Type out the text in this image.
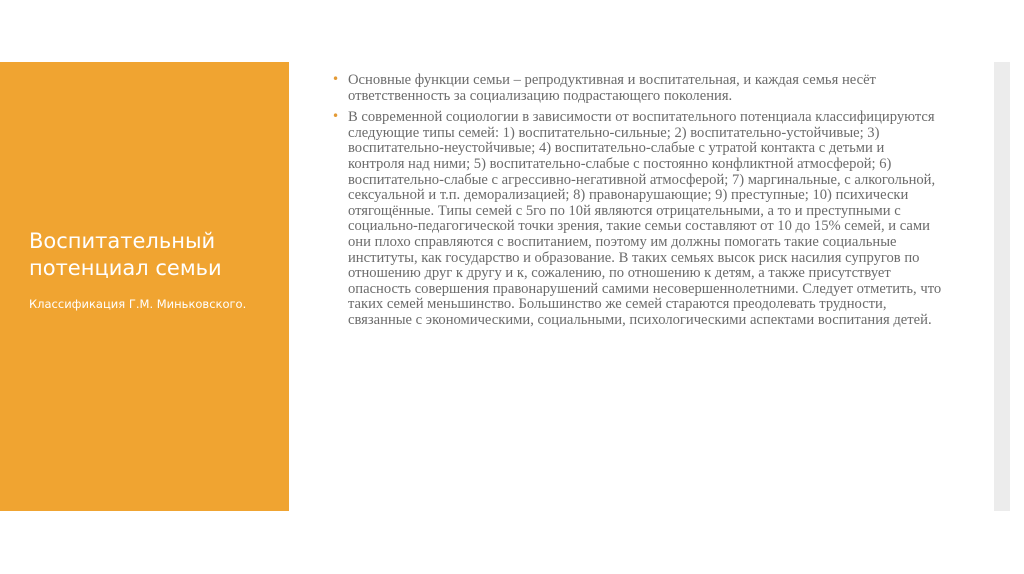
Воспитательный потенциал семьи

Классификация Г.М. Миньковского.

• Основные функции семьи – репродуктивная и воспитательная, и каждая семья несёт ответственность за социализацию подрастающего поколения.
• В современной социологии в зависимости от воспитательного потенциала классифицируются следующие типы семей: 1) воспитательно-сильные; 2) воспитательно-устойчивые; 3) воспитательно-неустойчивые; 4) воспитательно-слабые с утратой контакта с детьми и контроля над ними; 5) воспитательно-слабые с постоянно конфликтной атмосферой; 6) воспитательно-слабые с агрессивно-негативной атмосферой; 7) маргинальные, с алкогольной, сексуальной и т.п. деморализацией; 8) правонарушающие; 9) преступные; 10) психически отягощённые. Типы семей с 5го по 10й являются отрицательными, а то и преступными с социально-педагогической точки зрения, такие семьи составляют от 10 до 15% семей, и сами они плохо справляются с воспитанием, поэтому им должны помогать такие социальные институты, как государство и образование. В таких семьях высок риск насилия супругов по отношению друг к другу и к, сожалению, по отношению к детям, а также присутствует опасность совершения правонарушений самими несовершеннолетними. Следует отметить, что таких семей меньшинство. Большинство же семей стараются преодолевать трудности, связанные с экономическими, социальными, психологическими аспектами воспитания детей.
